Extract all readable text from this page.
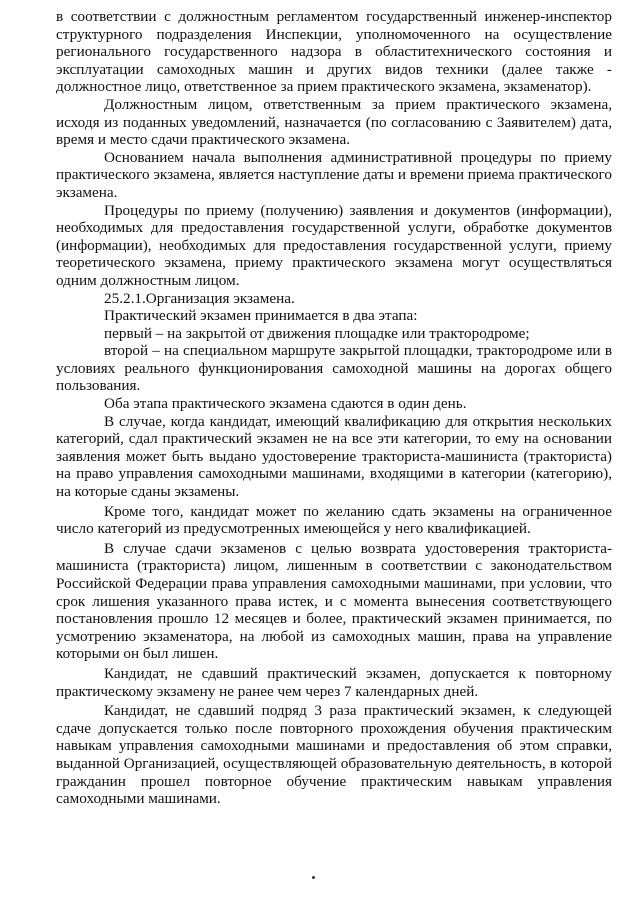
в соответствии с должностным регламентом государственный инженер-инспектор структурного подразделения Инспекции, уполномоченного на осуществление регионального государственного надзора в областитехнического состояния и эксплуатации самоходных машин и других видов техники (далее также - должностное лицо, ответственное за прием практического экзамена, экзаменатор).

Должностным лицом, ответственным за прием практического экзамена, исходя из поданных уведомлений, назначается (по согласованию с Заявителем) дата, время и место сдачи практического экзамена.

Основанием начала выполнения административной процедуры по приему практического экзамена, является наступление даты и времени приема практического экзамена.

Процедуры по приему (получению) заявления и документов (информации), необходимых для предоставления государственной услуги, обработке документов (информации), необходимых для предоставления государственной услуги, приему теоретического экзамена, приему практического экзамена могут осуществляться одним должностным лицом.

25.2.1.Организация экзамена.

Практический экзамен принимается в два этапа:

первый – на закрытой от движения площадке или трактородроме;

второй – на специальном маршруте закрытой площадки, трактородроме или в условиях реального функционирования самоходной машины на дорогах общего пользования.

Оба этапа практического экзамена сдаются в один день.

В случае, когда кандидат, имеющий квалификацию для открытия нескольких категорий, сдал практический экзамен не на все эти категории, то ему на основании заявления может быть выдано удостоверение тракториста-машиниста (тракториста) на право управления самоходными машинами, входящими в категории (категорию), на которые сданы экзамены.

Кроме того, кандидат может по желанию сдать экзамены на ограниченное число категорий из предусмотренных имеющейся у него квалификацией.

В случае сдачи экзаменов с целью возврата удостоверения тракториста-машиниста (тракториста) лицом, лишенным в соответствии с законодательством Российской Федерации права управления самоходными машинами, при условии, что срок лишения указанного права истек, и с момента вынесения соответствующего постановления прошло 12 месяцев и более, практический экзамен принимается, по усмотрению экзаменатора, на любой из самоходных машин, права на управление которыми он был лишен.

Кандидат, не сдавший практический экзамен, допускается к повторному практическому экзамену не ранее чем через 7 календарных дней.

Кандидат, не сдавший подряд 3 раза практический экзамен, к следующей сдаче допускается только после повторного прохождения обучения практическим навыкам управления самоходными машинами и предоставления об этом справки, выданной Организацией, осуществляющей образовательную деятельность, в которой гражданин прошел повторное обучение практическим навыкам управления самоходными машинами.
